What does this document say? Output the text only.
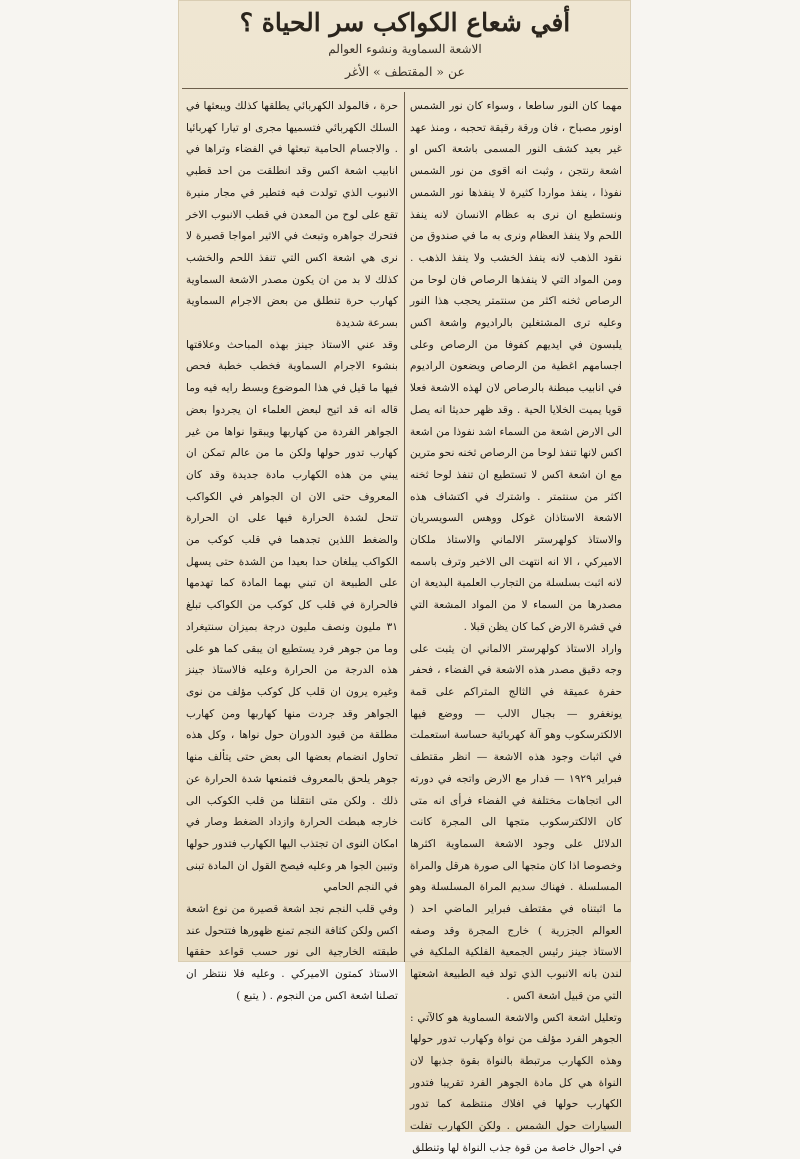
أفي شعاع الكواكب سر الحياة ؟
الاشعة السماوية ونشوء العوالم
عن « المقتطف » الأغر

مهما كان النور ساطعا ، وسواء كان نور الشمس اونور مصباح ، فان ورقة رقيقة تحجبه ، ومنذ عهد غير بعيد كشف النور المسمى باشعة اكس او اشعة رنتجن ، وثبت انه اقوى من نور الشمس نفوذا ، ينفذ مواردا كثيرة لا ينفذها نور الشمس ونستطيع ان نرى به عظام الانسان لانه ينفذ اللحم ولا ينفذ العظام ونرى به ما في صندوق من نقود الذهب لانه ينفذ الخشب ولا ينفذ الذهب . ومن المواد التي لا ينفذها الرصاص فان لوحا من الرصاص ثخنه اكثر من سنتمتر يحجب هذا النور وعليه ترى المشتغلين بالراديوم واشعة اكس يلبسون في ايديهم كفوفا من الرصاص وعلى اجسامهم اغطية من الرصاص ويضعون الراديوم في انابيب مبطنة بالرصاص لان لهذه الاشعة فعلا قويا يميت الخلايا الحية . وقد ظهر حديثا انه يصل الى الارض اشعة من السماء اشد نفوذا من اشعة اكس لانها تنفذ لوحا من الرصاص ثخنه نحو مترين مع ان اشعة اكس لا تستطيع ان تنفذ لوحا ثخنه اكثر من سنتمتر . واشترك في اكتشاف هذه الاشعة الاستاذان غوكل ووهس السويسريان والاستاذ كولهرستر الالماني والاستاذ ملكان الاميركي ، الا انه انتهت الى الاخير وترف باسمه لانه اثبت بسلسلة من التجارب العلمية البديعة ان مصدرها من السماء لا من المواد المشعة التي في قشرة الارض كما كان يظن قبلا .

واراد الاستاذ كولهرستر الالماني ان يثبت على وجه دقيق مصدر هذه الاشعة في الفضاء ، فحفر حفرة عميقة في الثالج المتراكم على قمة يونغفرو — بجبال الالب — ووضع فيها الالكترسكوب وهو آلة كهربائية حساسة استعملت في اثبات وجود هذه الاشعة — انظر مقتطف فبراير ١٩٢٩ — فدار مع الارض واتجه في دورته الى اتجاهات مختلفة في الفضاء فرأى انه متى كان الالكترسكوب متجها الى المجرة كانت الدلائل على وجود الاشعة السماوية اكثرها وخصوصا اذا كان متجها الى صورة هرقل والمراة المسلسلة . فهناك سديم المراة المسلسلة وهو ما اثبتناه في مقتطف فبراير الماضي احد ( العوالم الجزرية ) خارج المجرة وقد وصفه الاستاذ جينز رئيس الجمعية الفلكية الملكية في لندن بانه الانبوب الذي تولد فيه الطبيعة اشعتها التي من قبيل اشعة اكس .

وتعليل اشعة اكس والاشعة السماوية هو كالآتي : الجوهر الفرد مؤلف من نواة وكهارب تدور حولها وهذه الكهارب مرتبطة بالنواة بقوة جذبها لان النواة هي كل مادة الجوهر الفرد تقريبا فتدور الكهارب حولها في افلاك منتظمة كما تدور السيارات حول الشمس . ولكن الكهارب تفلت في احوال خاصة من قوة جذب النواة لها وتنطلق

حرة ، فالمولد الكهربائي يطلقها كذلك ويبعثها في السلك الكهربائي فتسميها مجرى او تيارا كهربائيا . والاجسام الحامية تبعثها في الفضاء وتراها في انابيب اشعة اكس وقد انطلقت من احد قطبي الانبوب الذي تولدت فيه فتطير في مجار منيرة تقع على لوح من المعدن في قطب الانبوب الاخر فتحرك جواهره وتبعث في الاثير امواجا قصيرة لا نرى هي اشعة اكس التي تنفذ اللحم والخشب كذلك لا بد من ان يكون مصدر الاشعة السماوية كهارب حرة تنطلق من بعض الاجرام السماوية بسرعة شديدة

وقد عني الاستاذ جينز بهذه المباحث وعلاقتها بنشوء الاجرام السماوية فخطب خطبة فحص فيها ما قيل في هذا الموضوع وبسط رايه فيه وما قاله انه قد اتيح لبعض العلماء ان يجردوا بعض الجواهر الفردة من كهاربها ويبقوا نواها من غير كهارب تدور حولها ولكن ما من عالم تمكن ان يبني من هذه الكهارب مادة جديدة وقد كان المعروف حتى الان ان الجواهر في الكواكب تنحل لشدة الحرارة فيها على ان الحرارة والضغط اللذين تجدهما في قلب كوكب من الكواكب يبلغان حدا بعيدا من الشدة حتى يسهل على الطبيعة ان تبني بهما المادة كما تهدمها فالحرارة في قلب كل كوكب من الكواكب تبلغ ٣١ مليون ونصف مليون درجة بميزان سنتيغراد وما من جوهر فرد يستطيع ان يبقى كما هو على هذه الدرجة من الحرارة وعليه فالاستاذ جينز وغيره يرون ان قلب كل كوكب مؤلف من نوى الجواهر وقد جردت منها كهاربها ومن كهارب مطلقة من قيود الدوران حول نواها ، وكل هذه تحاول انضمام بعضها الى بعض حتى يتألف منها جوهر يلحق بالمعروف فتمنعها شدة الحرارة عن ذلك . ولكن متى انتقلنا من قلب الكوكب الى خارجه هبطت الحرارة وازداد الضغط وصار في امكان النوى ان تجتذب اليها الكهارب فتدور حولها وتبين الجوا هر وعليه فيصح القول ان المادة تبنى في النجم الحامي

وفي قلب النجم نجد اشعة قصيرة من نوع اشعة اكس ولكن كثافة النجم تمنع ظهورها فتتحول عند طبقته الخارجية الى نور حسب قواعد حققها الاستاذ كمتون الاميركي . وعليه فلا ننتظر ان تصلنا اشعة اكس من النجوم . ( يتبع )
